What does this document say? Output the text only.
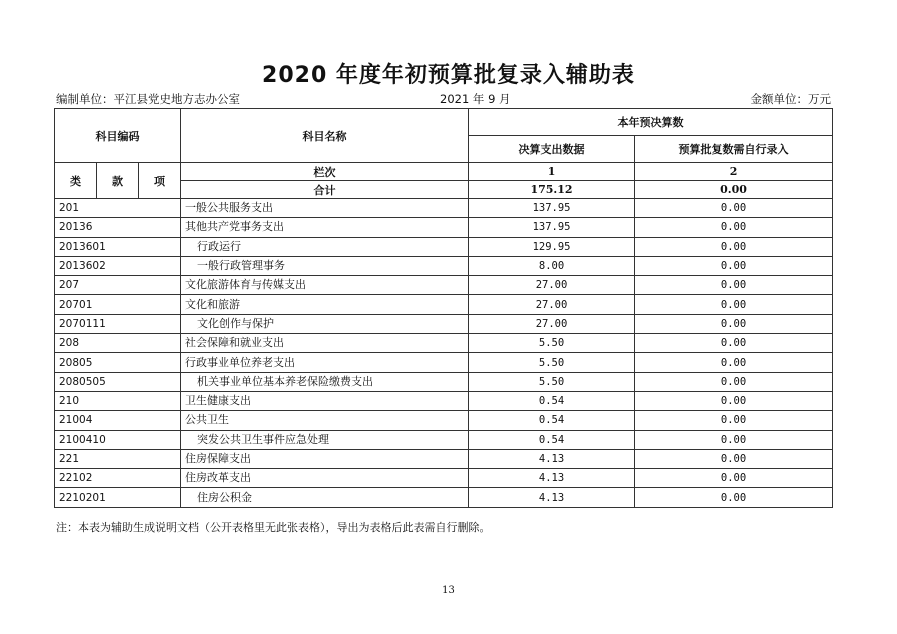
2020 年度年初预算批复录入辅助表
编制单位：平江县党史地方志办公室	2021 年 9 月	金额单位：万元
科目编码			科目名称	本年预决算数	
				决算支出数据	预算批复数需自行录入
类	款	项	栏次	1	2
			合计	175.12	0.00
201			一般公共服务支出	137.95	0.00
20136			其他共产党事务支出	137.95	0.00
2013601			行政运行	129.95	0.00
2013602			一般行政管理事务	8.00	0.00
207			文化旅游体育与传媒支出	27.00	0.00
20701			文化和旅游	27.00	0.00
2070111			文化创作与保护	27.00	0.00
208			社会保障和就业支出	5.50	0.00
20805			行政事业单位养老支出	5.50	0.00
2080505			机关事业单位基本养老保险缴费支出	5.50	0.00
210			卫生健康支出	0.54	0.00
21004			公共卫生	0.54	0.00
2100410			突发公共卫生事件应急处理	0.54	0.00
221			住房保障支出	4.13	0.00
22102			住房改革支出	4.13	0.00
2210201			住房公积金	4.13	0.00
注：本表为辅助生成说明文档（公开表格里无此张表格），导出为表格后此表需自行删除。
13
